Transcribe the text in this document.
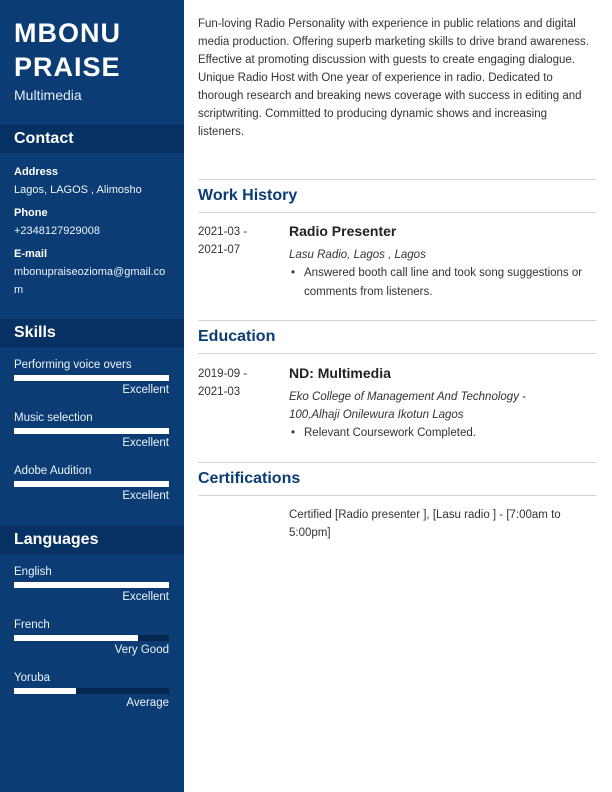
MBONU
PRAISE
Multimedia
Contact
Address
Lagos, LAGOS , Alimosho
Phone
+2348127929008
E-mail
mbonupraiseozioma@gmail.com
Skills
Performing voice overs
Excellent
Music selection
Excellent
Adobe Audition
Excellent
Languages
English
Excellent
French
Very Good
Yoruba
Average

Fun-loving Radio Personality with experience in public relations and digital media production. Offering superb marketing skills to drive brand awareness. Effective at promoting discussion with guests to create engaging dialogue.

Unique Radio Host with One year of experience in radio. Dedicated to thorough research and breaking news coverage with success in editing and scriptwriting. Committed to producing dynamic shows and increasing listeners.

Work History
2021-03 -
2021-07
Radio Presenter
Lasu Radio, Lagos , Lagos
• Answered booth call line and took song suggestions or comments from listeners.
Education
2019-09 -
2021-03
ND: Multimedia
Eko College of Management And Technology - 100,Alhaji Onilewura Ikotun Lagos
• Relevant Coursework Completed.
Certifications
Certified [Radio presenter ], [Lasu radio ] - [7:00am to 5:00pm]
